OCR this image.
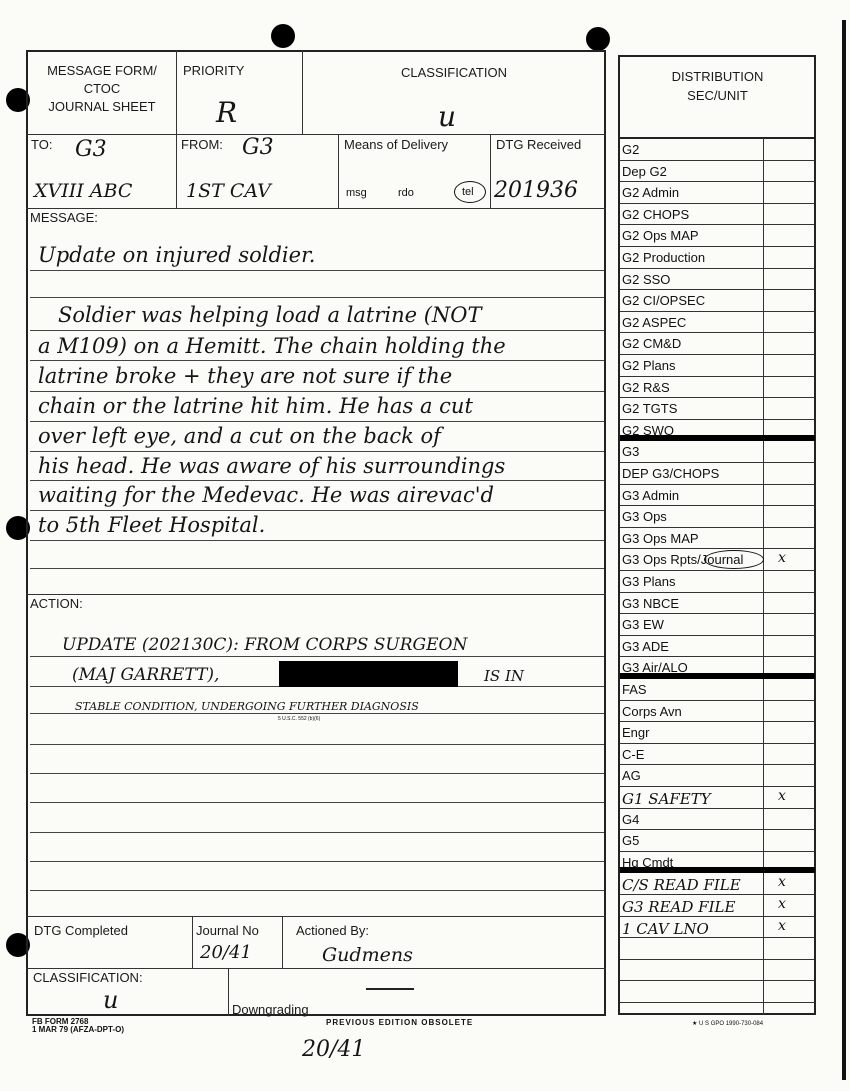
MESSAGE FORM/
CTOC
JOURNAL SHEET
PRIORITY
R
CLASSIFICATION
u
TO: G3
XVIII ABC
FROM: G3
1ST CAV
Means of Delivery
msg	rdo	tel
DTG Received
201936
MESSAGE:
Update on injured soldier.
Soldier was helping load a latrine (NOT
a M109) on a Hemitt. The chain holding the
latrine broke + they are not sure if the
chain or the latrine hit him. He has a cut
over left eye, and a cut on the back of
his head. He was aware of his surroundings
waiting for the Medevac. He was airevac'd
to 5th Fleet Hospital.
ACTION:
UPDATE (202130C): FROM CORPS SURGEON
(MAJ GARRETT),	IS IN
STABLE CONDITION, UNDERGOING FURTHER DIAGNOSIS
5 U.S.C. 552 (b)(6)
DTG Completed	Journal No
20/41
Actioned By:
Gudmens
CLASSIFICATION:
u	Downgrading
FB FORM 2768
1 MAR 79 (AFZA-DPT-O)
PREVIOUS EDITION OBSOLETE
20/41
DISTRIBUTION
SEC/UNIT
G2
Dep G2
G2 Admin
G2 CHOPS
G2 Ops MAP
G2 Production
G2 SSO
G2 CI/OPSEC
G2 ASPEC
G2 CM&D
G2 Plans
G2 R&S
G2 TGTS
G2 SWO
G3
DEP G3/CHOPS
G3 Admin
G3 Ops
G3 Ops MAP
G3 Ops Rpts/Journal x
G3 Plans
G3 NBCE
G3 EW
G3 ADE
G3 Air/ALO
FAS
Corps Avn
Engr
C-E
AG
G1 SAFETY	x
G4
G5
Hq Cmdt
C/S READ FILE	x
G3 READ FILE	x
1 CAV LNO	x
★ U S GPO 1990-730-084
